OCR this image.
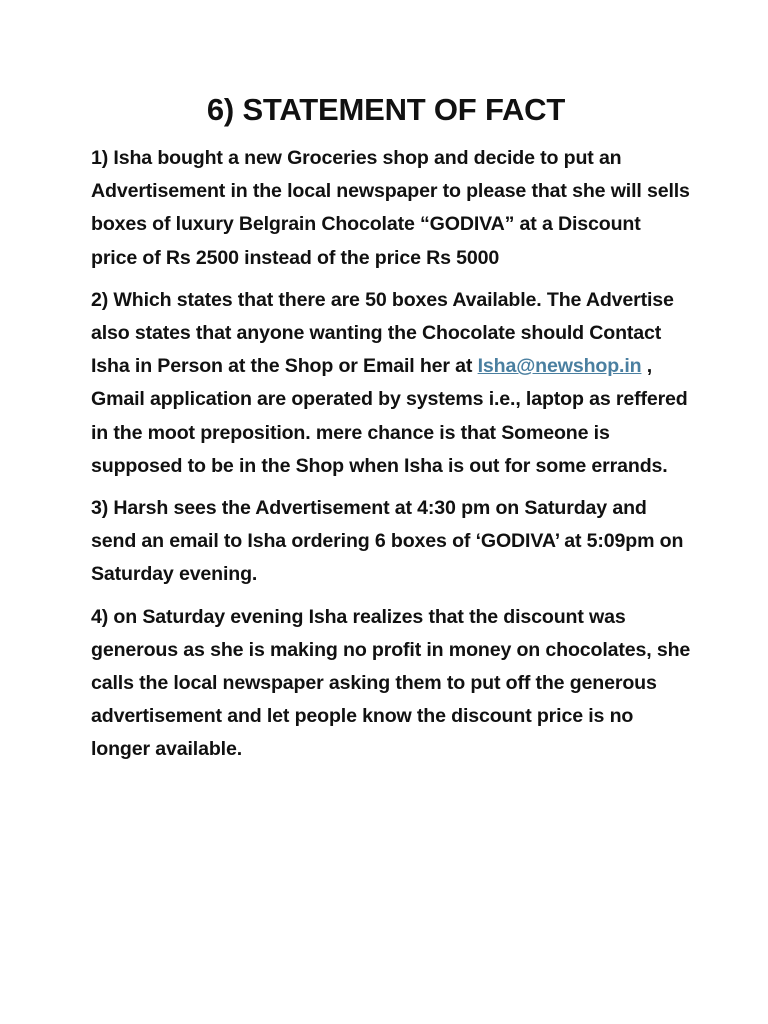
6) STATEMENT OF FACT

1) Isha bought a new Groceries shop and decide to put an Advertisement in the local newspaper to please that she will sells boxes of luxury Belgrain Chocolate “GODIVA” at a Discount price of Rs 2500 instead of the price Rs 5000

2) Which states that there are 50 boxes Available. The Advertise also states that anyone wanting the Chocolate should Contact Isha in Person at the Shop or Email her at Isha@newshop.in , Gmail application are operated by systems i.e., laptop as reffered in the moot preposition. mere chance is that Someone is supposed to be in the Shop when Isha is out for some errands.

3) Harsh sees the Advertisement at 4:30 pm on Saturday and send an email to Isha ordering 6 boxes of ‘GODIVA’ at 5:09pm on Saturday evening.

4) on Saturday evening Isha realizes that the discount was generous as she is making no profit in money on chocolates, she calls the local newspaper asking them to put off the generous advertisement and let people know the discount price is no longer available.
